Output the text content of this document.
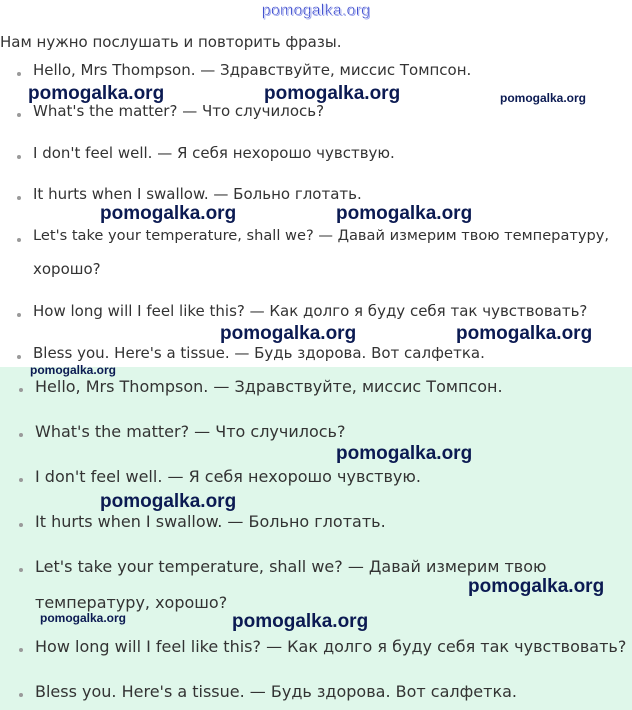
pomogalka.org
Нам нужно послушать и повторить фразы.
Hello, Mrs Thompson. — Здравствуйте, миссис Томпсон.
What's the matter? — Что случилось?
I don't feel well. — Я себя нехорошо чувствую.
It hurts when I swallow. — Больно глотать.
Let's take your temperature, shall we? — Давай измерим твою температуру,
хорошо?
How long will I feel like this? — Как долго я буду себя так чувствовать?
Bless you. Here's a tissue. — Будь здорова. Вот салфетка.
Hello, Mrs Thompson. — Здравствуйте, миссис Томпсон.
What's the matter? — Что случилось?
I don't feel well. — Я себя нехорошо чувствую.
It hurts when I swallow. — Больно глотать.
Let's take your temperature, shall we? — Давай измерим твою
температуру, хорошо?
How long will I feel like this? — Как долго я буду себя так чувствовать?
Bless you. Here's a tissue. — Будь здорова. Вот салфетка.
pomogalka.org	pomogalka.org	pomogalka.org
pomogalka.org	pomogalka.org
pomogalka.org	pomogalka.org
pomogalka.org
pomogalka.org
pomogalka.org
pomogalka.org
pomogalka.org	pomogalka.org
